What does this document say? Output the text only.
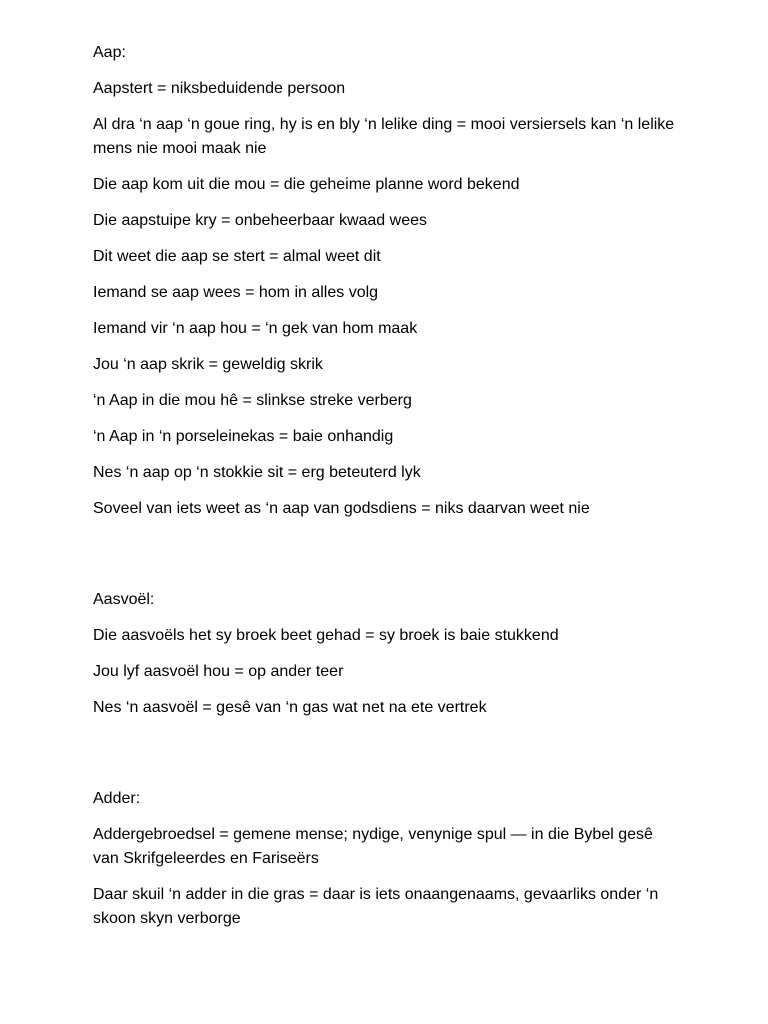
Aap:

Aapstert = niksbeduidende persoon

Al dra ‘n aap ‘n goue ring, hy is en bly ‘n lelike ding = mooi versiersels kan ‘n lelike mens nie mooi maak nie

Die aap kom uit die mou = die geheime planne word bekend

Die aapstuipe kry = onbeheerbaar kwaad wees

Dit weet die aap se stert = almal weet dit

Iemand se aap wees = hom in alles volg

Iemand vir ‘n aap hou = ‘n gek van hom maak

Jou ‘n aap skrik = geweldig skrik

‘n Aap in die mou hê = slinkse streke verberg

‘n Aap in ‘n porseleinekas = baie onhandig

Nes ‘n aap op ‘n stokkie sit = erg beteuterd lyk

Soveel van iets weet as ‘n aap van godsdiens = niks daarvan weet nie

Aasvoël:

Die aasvoëls het sy broek beet gehad = sy broek is baie stukkend

Jou lyf aasvoël hou = op ander teer

Nes ‘n aasvoël = gesê van ‘n gas wat net na ete vertrek

Adder:

Addergebroedsel = gemene mense; nydige, venynige spul — in die Bybel gesê van Skrifgeleerdes en Fariseërs

Daar skuil ‘n adder in die gras = daar is iets onaangenaams, gevaarliks onder ‘n skoon skyn verborge
